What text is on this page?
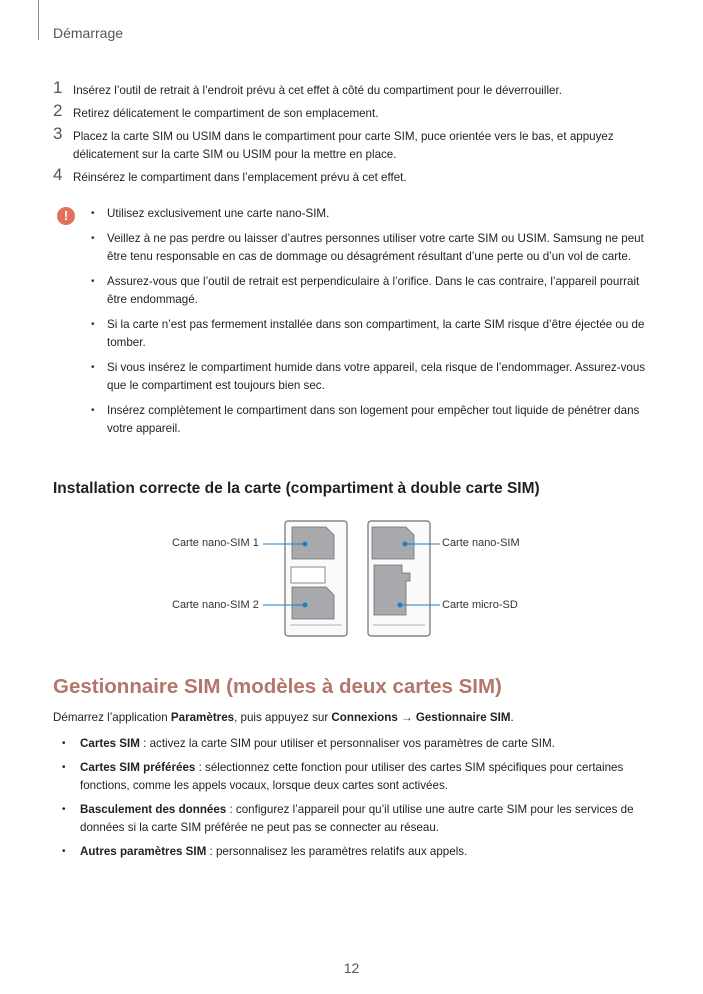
Démarrage
1 Insérez l’outil de retrait à l’endroit prévu à cet effet à côté du compartiment pour le déverrouiller.
2 Retirez délicatement le compartiment de son emplacement.
3 Placez la carte SIM ou USIM dans le compartiment pour carte SIM, puce orientée vers le bas, et appuyez délicatement sur la carte SIM ou USIM pour la mettre en place.
4 Réinsérez le compartiment dans l’emplacement prévu à cet effet.
!
•	Utilisez exclusivement une carte nano-SIM.
• Veillez à ne pas perdre ou laisser d’autres personnes utiliser votre carte SIM ou USIM. Samsung ne peut être tenu responsable en cas de dommage ou désagrément résultant d’une perte ou d’un vol de carte.
• Assurez-vous que l’outil de retrait est perpendiculaire à l’orifice. Dans le cas contraire, l’appareil pourrait être endommagé.
• Si la carte n’est pas fermement installée dans son compartiment, la carte SIM risque d’être éjectée ou de tomber.
• Si vous insérez le compartiment humide dans votre appareil, cela risque de l’endommager. Assurez-vous que le compartiment est toujours bien sec.
• Insérez complètement le compartiment dans son logement pour empêcher tout liquide de pénétrer dans votre appareil.
Installation correcte de la carte (compartiment à double carte SIM)
Carte nano-SIM 1
Carte nano-SIM 2
Carte nano-SIM
Carte micro-SD
Gestionnaire SIM (modèles à deux cartes SIM)
Démarrez l’application Paramètres, puis appuyez sur Connexions → Gestionnaire SIM.
• Cartes SIM : activez la carte SIM pour utiliser et personnaliser vos paramètres de carte SIM.
• Cartes SIM préférées : sélectionnez cette fonction pour utiliser des cartes SIM spécifiques pour certaines fonctions, comme les appels vocaux, lorsque deux cartes sont activées.
• Basculement des données : configurez l’appareil pour qu’il utilise une autre carte SIM pour les services de données si la carte SIM préférée ne peut pas se connecter au réseau.
• Autres paramètres SIM : personnalisez les paramètres relatifs aux appels.
12
